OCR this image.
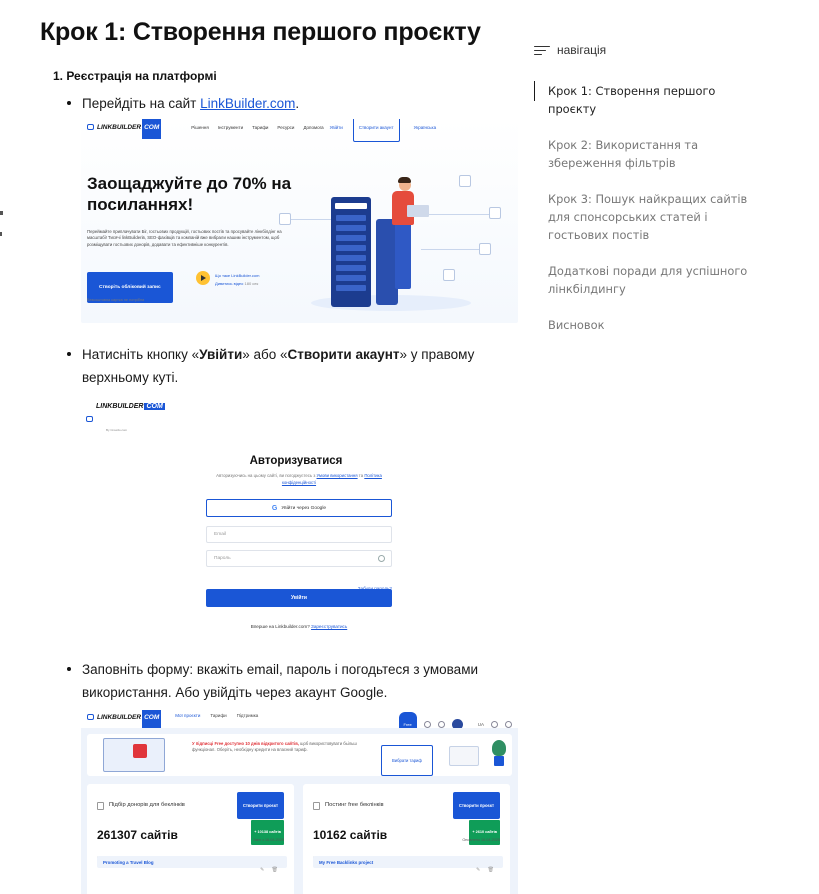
Крок 1: Створення першого проєкту
1. Реєстрація на платформі
Перейдіть на сайт LinkBuilder.com.
LINKBUILDER COM	Рішення Інструменти Тарифи Ресурси Допомога Увійти	Створити акаунт	Українська
Заощаджуйте до 70% на посиланнях!
Переймайте приплачувати Біг, гостьових продукцій, гостьових постів та просувайте лінкбілдінг на масштабі! Тисячі linkBuilderів, SEO-фахівців та компаній вже вибрали нашим інструментом, щоб розміщувати гостьових донорів, додавати та ефективніше конкурентів.
Створіть обліковий запис
Безкоштовна картка не потрібна
Що таке LinkBuilder.com
Дивитись відео 180 сек
Натисніть кнопку «Увійти» або «Створити акаунт» у правому верхньому куті.
LINKBUILDER COM
By Crowdo.com
Авторизуватися
Авторизуючись на цьому сайті, ви погоджуєтесь з Умови використання та Політика конфіденційності
G Увійти через Google
Email
Пароль
Увійти
Вперше на Linkbuilder.com? Зареєструватись
Заповніть форму: вкажіть email, пароль і погодьтеся з умовами використання. Або увійдіть через акаунт Google.
LINKBUILDER COM	Мої проєкти Тарифи Підтримка
Free	UA
У підписці Free доступно 10 днів відкритого сайтів, щоб використовувати бьільш функціонал. Оберіть, необхідну кредити на власний тариф.
Вибрати тариф
Підбір донорів для беклінків	Створити проєкт
261307 сайтів	+ 10138 сайтів
Змін з 16.04.2025
Promoting a Travel Blog
✎ 🗑
Постинг free беклінків	Створити проєкт
10162 сайтів	+ 2610 сайтів
Оновлено 16.04.2025
My Free Backlinks project
✎ 🗑
навігація
Крок 1: Створення першого проєкту
Крок 2: Використання та збереження фільтрів
Крок 3: Пошук найкращих сайтів для спонсорських статей і гостьових постів
Додаткові поради для успішного лінкбілдингу
Висновок
